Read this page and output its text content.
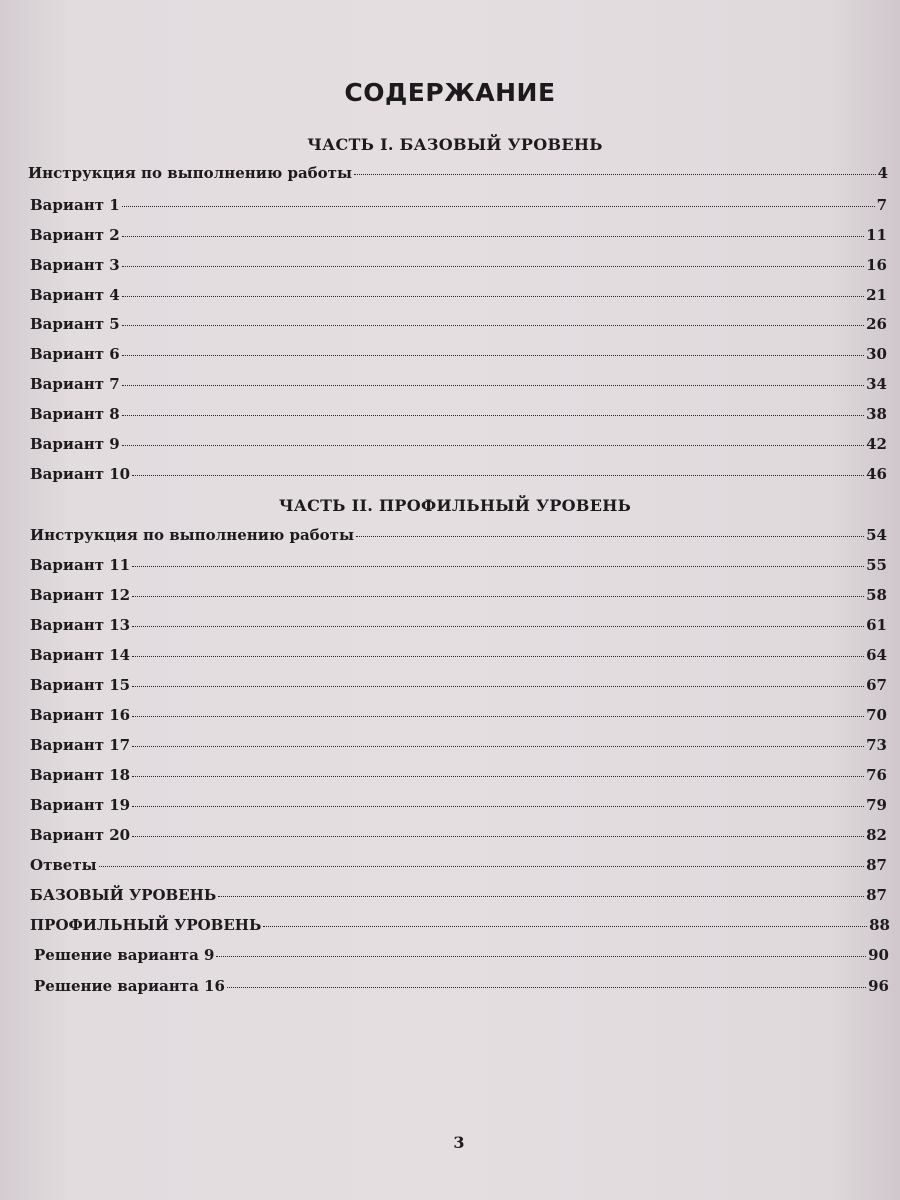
СОДЕРЖАНИЕ
ЧАСТЬ I. БАЗОВЫЙ УРОВЕНЬ
Инструкция по выполнению работы	4
Вариант 1	7
Вариант 2	11
Вариант 3	16
Вариант 4	21
Вариант 5	26
Вариант 6	30
Вариант 7	34
Вариант 8	38
Вариант 9	42
Вариант 10	46
ЧАСТЬ II. ПРОФИЛЬНЫЙ УРОВЕНЬ
Инструкция по выполнению работы	54
Вариант 11	55
Вариант 12	58
Вариант 13	61
Вариант 14	64
Вариант 15	67
Вариант 16	70
Вариант 17	73
Вариант 18	76
Вариант 19	79
Вариант 20	82
Ответы	87
БАЗОВЫЙ УРОВЕНЬ	87
ПРОФИЛЬНЫЙ УРОВЕНЬ	88
Решение варианта 9	90
Решение варианта 16	96
3
